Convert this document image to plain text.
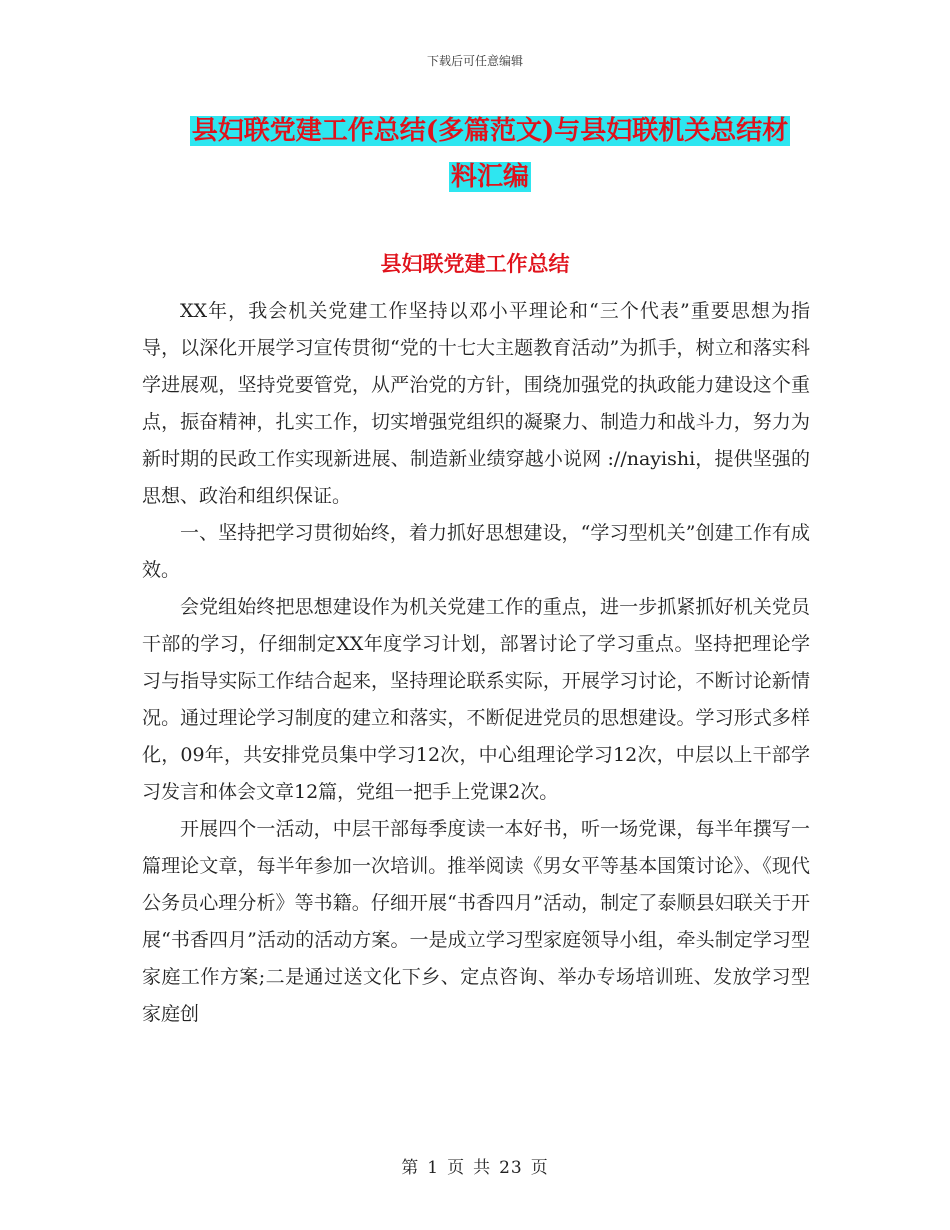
下载后可任意编辑
县妇联党建工作总结(多篇范文)与县妇联机关总结材
料汇编
县妇联党建工作总结

XX年，我会机关党建工作坚持以邓小平理论和“三个代表”重要思想为指导，以深化开展学习宣传贯彻“党的十七大主题教育活动”为抓手，树立和落实科学进展观，坚持党要管党，从严治党的方针，围绕加强党的执政能力建设这个重点，振奋精神，扎实工作，切实增强党组织的凝聚力、制造力和战斗力，努力为新时期的民政工作实现新进展、制造新业绩穿越小说网 ://nayishi，提供坚强的思想、政治和组织保证。

一、坚持把学习贯彻始终，着力抓好思想建设，“学习型机关”创建工作有成效。

会党组始终把思想建设作为机关党建工作的重点，进一步抓紧抓好机关党员干部的学习，仔细制定XX年度学习计划，部署讨论了学习重点。坚持把理论学习与指导实际工作结合起来，坚持理论联系实际，开展学习讨论，不断讨论新情况。通过理论学习制度的建立和落实，不断促进党员的思想建设。学习形式多样化，09年，共安排党员集中学习12次，中心组理论学习12次，中层以上干部学习发言和体会文章12篇，党组一把手上党课2次。

开展四个一活动，中层干部每季度读一本好书，听一场党课，每半年撰写一篇理论文章，每半年参加一次培训。推举阅读《男女平等基本国策讨论》、《现代公务员心理分析》等书籍。仔细开展“书香四月”活动，制定了泰顺县妇联关于开展“书香四月”活动的活动方案。一是成立学习型家庭领导小组，牵头制定学习型家庭工作方案;二是通过送文化下乡、定点咨询、举办专场培训班、发放学习型家庭创

第 1 页 共 23 页
